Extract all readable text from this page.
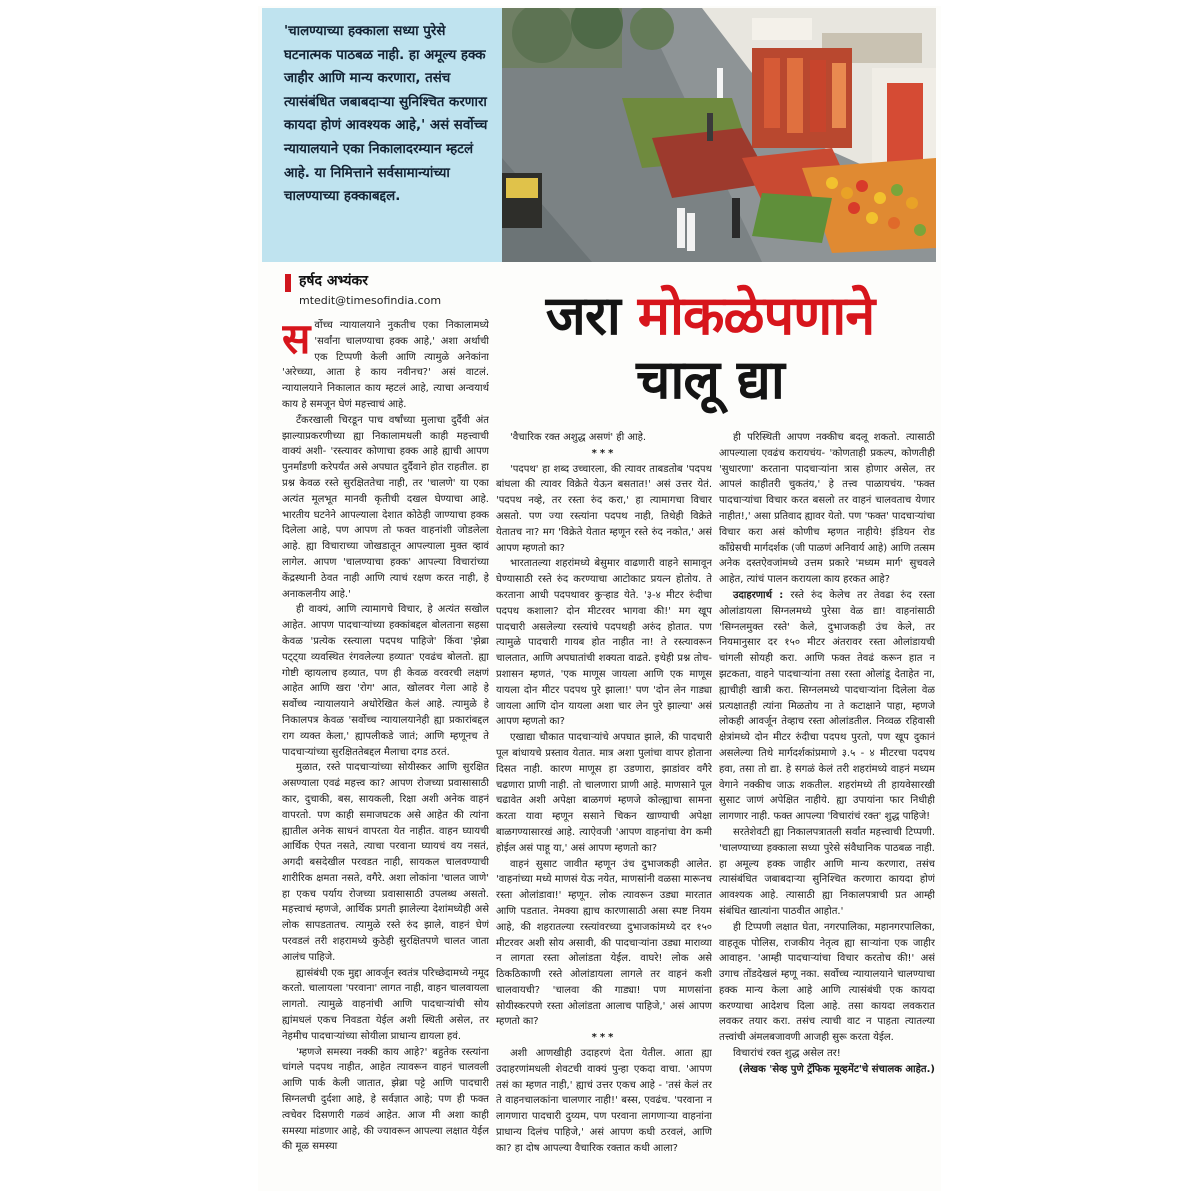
'चालण्याच्या हक्काला सध्या पुरेसे घटनात्मक पाठबळ नाही. हा अमूल्य हक्क जाहीर आणि मान्य करणारा, तसंच त्यासंबंधित जबाबदाऱ्या सुनिश्चित करणारा कायदा होणं आवश्यक आहे,' असं सर्वोच्च न्यायालयाने एका निकालादरम्यान म्हटलं आहे. या निमित्ताने सर्वसामान्यांच्या चालण्याच्या हक्काबद्दल.

हर्षद अभ्यंकर
mtedit@timesofindia.com	जरा मोकळेपणाने
चालू द्या

सर्वोच्च न्यायालयाने नुकतीच एका निकालामध्ये 'सर्वांना चालण्याचा हक्क आहे,' अशा अर्थाची एक टिप्पणी केली आणि त्यामुळे अनेकांना 'अरेच्च्या, आता हे काय नवीनच?' असं वाटलं. न्यायालयाने निकालात काय म्हटलं आहे, त्याचा अन्वयार्थ काय हे समजून घेणं महत्त्वाचं आहे.

टँकरखाली चिरडून पाच वर्षांच्या मुलाचा दुर्दैवी अंत झाल्याप्रकरणीच्या ह्या निकालामधली काही महत्त्वाची वाक्यं अशी- 'रस्त्यावर कोणाचा हक्क आहे ह्याची आपण पुनर्मांडणी करेपर्यंत असे अपघात दुर्दैवाने होत राहतील. हा प्रश्न केवळ रस्ते सुरक्षिततेचा नाही, तर 'चालणे' या एका अत्यंत मूलभूत मानवी कृतीची दखल घेण्याचा आहे. भारतीय घटनेने आपल्याला देशात कोठेही जाण्याचा हक्क दिलेला आहे, पण आपण तो फक्त वाहनांशी जोडलेला आहे. ह्या विचाराच्या जोखडातून आपल्याला मुक्त व्हावं लागेल. आपण 'चालण्याचा हक्क' आपल्या विचारांच्या केंद्रस्थानी ठेवत नाही आणि त्याचं रक्षण करत नाही, हे अनाकलनीय आहे.'

ही वाक्यं, आणि त्यामागचे विचार, हे अत्यंत सखोल आहेत. आपण पादचाऱ्यांच्या हक्कांबद्दल बोलताना सहसा केवळ 'प्रत्येक रस्त्याला पदपथ पाहिजे' किंवा 'झेब्रा पट्ट्या व्यवस्थित रंगवलेल्या हव्यात' एवढंच बोलतो. ह्या गोष्टी व्हायलाच हव्यात, पण ही केवळ वरवरची लक्षणं आहेत आणि खरा 'रोग' आत, खोलवर गेला आहे हे सर्वोच्च न्यायालयाने अधोरेखित केलं आहे. त्यामुळे हे निकालपत्र केवळ 'सर्वोच्च न्यायालयानेही ह्या प्रकारांबद्दल राग व्यक्त केला,' ह्यापलीकडे जातं; आणि म्हणूनच ते पादचाऱ्यांच्या सुरक्षिततेबद्दल मैलाचा दगड ठरतं.

मुळात, रस्ते पादचाऱ्यांच्या सोयीस्कर आणि सुरक्षित असण्याला एवढं महत्त्व का? आपण रोजच्या प्रवासासाठी कार, दुचाकी, बस, सायकली, रिक्षा अशी अनेक वाहनं वापरतो. पण काही समाजघटक असे आहेत की त्यांना ह्यातील अनेक साधनं वापरता येत नाहीत. वाहन घ्यायची आर्थिक ऐपत नसते, त्याचा परवाना घ्यायचं वय नसतं, अगदी बसदेखील परवडत नाही, सायकल चालवण्याची शारीरिक क्षमता नसते, वगैरे. अशा लोकांना 'चालत जाणे' हा एकच पर्याय रोजच्या प्रवासासाठी उपलब्ध असतो. महत्त्वाचं म्हणजे, आर्थिक प्रगती झालेल्या देशांमध्येही असे लोक सापडतातच. त्यामुळे रस्ते रुंद झाले, वाहनं घेणं परवडलं तरी शहरामध्ये कुठेही सुरक्षितपणे चालत जाता आलंच पाहिजे.

ह्यासंबंधी एक मुद्दा आवर्जून स्वतंत्र परिच्छेदामध्ये नमूद करतो. चालायला 'परवाना' लागत नाही, वाहन चालवायला लागतो. त्यामुळे वाहनांची आणि पादचाऱ्यांची सोय ह्यांमधलं एकच निवडता येईल अशी स्थिती असेल, तर नेहमीच पादचाऱ्यांच्या सोयीला प्राधान्य द्यायला हवं.

'म्हणजे समस्या नक्की काय आहे?' बहुतेक रस्त्यांना चांगले पदपथ नाहीत, आहेत त्यावरून वाहनं चालवली आणि पार्क केली जातात, झेब्रा पट्टे आणि पादचारी सिग्नलची दुर्दशा आहे, हे सर्वज्ञात आहे; पण ही फक्त त्वचेवर दिसणारी गळवं आहेत. आज मी अशा काही समस्या मांडणार आहे, की ज्यावरून आपल्या लक्षात येईल की मूळ समस्या

'वैचारिक रक्त अशुद्ध असणं' ही आहे.

***

'पदपथ' हा शब्द उच्चारला, की त्यावर ताबडतोब 'पदपथ बांधला की त्यावर विक्रेते येऊन बसतात!' असं उत्तर येतं. 'पदपथ नव्हे, तर रस्ता रुंद करा,' हा त्यामागचा विचार असतो. पण ज्या रस्त्यांना पदपथ नाही, तिथेही विक्रेते येतातच ना? मग 'विक्रेते येतात म्हणून रस्ते रुंद नकोत,' असं आपण म्हणतो का?

भारतातल्या शहरांमध्ये बेसुमार वाढणारी वाहने सामावून घेण्यासाठी रस्ते रुंद करण्याचा आटोकाट प्रयत्न होतोय. ते करताना आधी पदपथावर कुऱ्हाड येते. '३-४ मीटर रुंदीचा पदपथ कशाला? दोन मीटरवर भागवा की!' मग खूप पादचारी असलेल्या रस्त्यांचे पदपथही अरुंद होतात. पण त्यामुळे पादचारी गायब होत नाहीत ना! ते रस्त्यावरून चालतात, आणि अपघातांची शक्यता वाढते. इथेही प्रश्न तोच- प्रशासन म्हणतं, 'एक माणूस जायला आणि एक माणूस यायला दोन मीटर पदपथ पुरे झाला!' पण 'दोन लेन गाड्या जायला आणि दोन यायला अशा चार लेन पुरे झाल्या' असं आपण म्हणतो का?

एखाद्या चौकात पादचाऱ्यांचे अपघात झाले, की पादचारी पूल बांधायचे प्रस्ताव येतात. मात्र अशा पुलांचा वापर होताना दिसत नाही. कारण माणूस हा उडणारा, झाडांवर वगैरे चढणारा प्राणी नाही. तो चालणारा प्राणी आहे. माणसाने पूल चढावेत अशी अपेक्षा बाळगणं म्हणजे कोल्ह्याचा सामना करता यावा म्हणून ससाने चिकन खाण्याची अपेक्षा बाळगण्यासारखं आहे. त्याऐवजी 'आपण वाहनांचा वेग कमी होईल असं पाहू या,' असं आपण म्हणतो का?

वाहनं सुसाट जावीत म्हणून उंच दुभाजकही आलेत. 'वाहनांच्या मध्ये माणसं येऊ नयेत, माणसांनी वळसा मारूनच रस्ता ओलांडावा!' म्हणून. लोक त्यावरून उड्या मारतात आणि पडतात. नेमक्या ह्याच कारणासाठी असा स्पष्ट नियम आहे, की शहरातल्या रस्त्यांवरच्या दुभाजकांमध्ये दर १५० मीटरवर अशी सोय असावी, की पादचाऱ्यांना उड्या माराव्या न लागता रस्ता ओलांडता येईल. वाघरे! लोक असे ठिकठिकाणी रस्ते ओलांडायला लागले तर वाहनं कशी चालवायची? 'चालवा की गाड्या! पण माणसांना सोयीस्करपणे रस्ता ओलांडता आलाच पाहिजे,' असं आपण म्हणतो का?

***

अशी आणखीही उदाहरणं देता येतील. आता ह्या उदाहरणांमधली शेवटची वाक्यं पुन्हा एकदा वाचा. 'आपण तसं का म्हणत नाही,' ह्याचं उत्तर एकच आहे - 'तसं केलं तर ते वाहनचालकांना चालणार नाही!' बस्स, एवढंच. 'परवाना न लागणारा पादचारी दुय्यम, पण परवाना लागणाऱ्या वाहनांना प्राधान्य दिलंच पाहिजे,' असं आपण कधी ठरवलं, आणि का? हा दोष आपल्या वैचारिक रक्तात कधी आला?

ही परिस्थिती आपण नक्कीच बदलू शकतो. त्यासाठी आपल्याला एवढंच करायचंय- 'कोणताही प्रकल्प, कोणतीही 'सुधारणा' करताना पादचाऱ्यांना त्रास होणार असेल, तर आपलं काहीतरी चुकतंय,' हे तत्त्व पाळायचंय. 'फक्त पादचाऱ्यांचा विचार करत बसलो तर वाहनं चालवताच येणार नाहीत!,' असा प्रतिवाद ह्यावर येतो. पण 'फक्त' पादचाऱ्यांचा विचार करा असं कोणीच म्हणत नाहीये! इंडियन रोड काँग्रेसची मार्गदर्शक (जी पाळणं अनिवार्य आहे) आणि तत्सम अनेक दस्तऐवजांमध्ये उत्तम प्रकारे 'मध्यम मार्ग' सुचवले आहेत, त्यांचं पालन करायला काय हरकत आहे?

उदाहरणार्थ : रस्ते रुंद केलेच तर तेवढा रुंद रस्ता ओलांडायला सिग्नलमध्ये पुरेसा वेळ द्या! वाहनांसाठी 'सिग्नलमुक्त रस्ते' केले, दुभाजकही उंच केले, तर नियमानुसार दर १५० मीटर अंतरावर रस्ता ओलांडायची चांगली सोयही करा. आणि फक्त तेवढं करून हात न झटकता, वाहने पादचाऱ्यांना तसा रस्ता ओलांडू देताहेत ना, ह्याचीही खात्री करा. सिग्नलमध्ये पादचाऱ्यांना दिलेला वेळ प्रत्यक्षातही त्यांना मिळतोय ना ते कटाक्षाने पाहा, म्हणजे लोकही आवर्जून तेव्हाच रस्ता ओलांडतील. निव्वळ रहिवासी क्षेत्रांमध्ये दोन मीटर रुंदीचा पदपथ पुरतो, पण खूप दुकानं असलेल्या तिथे मार्गदर्शकांप्रमाणे ३.५ - ४ मीटरचा पदपथ हवा, तसा तो द्या. हे सगळं केलं तरी शहरांमध्ये वाहनं मध्यम वेगाने नक्कीच जाऊ शकतील. शहरांमध्ये ती हायवेसारखी सुसाट जाणं अपेक्षित नाहीये. ह्या उपायांना फार निधीही लागणार नाही. फक्त आपल्या 'विचारांचं रक्त' शुद्ध पाहिजे!

सरतेशेवटी ह्या निकालपत्रातली सर्वांत महत्त्वाची टिप्पणी. 'चालण्याच्या हक्काला सध्या पुरेसे संवैधानिक पाठबळ नाही. हा अमूल्य हक्क जाहीर आणि मान्य करणारा, तसंच त्यासंबंधित जबाबदाऱ्या सुनिश्चित करणारा कायदा होणं आवश्यक आहे. त्यासाठी ह्या निकालपत्राची प्रत आम्ही संबंधित खात्यांना पाठवीत आहोत.'

ही टिप्पणी लक्षात घेता, नगरपालिका, महानगरपालिका, वाहतूक पोलिस, राजकीय नेतृत्व ह्या साऱ्यांना एक जाहीर आवाहन. 'आम्ही पादचाऱ्यांचा विचार करतोच की!' असं उगाच तोंडदेखलं म्हणू नका. सर्वोच्च न्यायालयाने चालण्याचा हक्क मान्य केला आहे आणि त्यासंबंधी एक कायदा करण्याचा आदेशच दिला आहे. तसा कायदा लवकरात लवकर तयार करा. तसंच त्याची वाट न पाहता त्यातल्या तत्त्वांची अंमलबजावणी आजही सुरू करता येईल.

विचारांचं रक्त शुद्ध असेल तर!

(लेखक 'सेव्ह पुणे ट्रॅफिक मूव्हमेंट'चे संचालक आहेत.)
